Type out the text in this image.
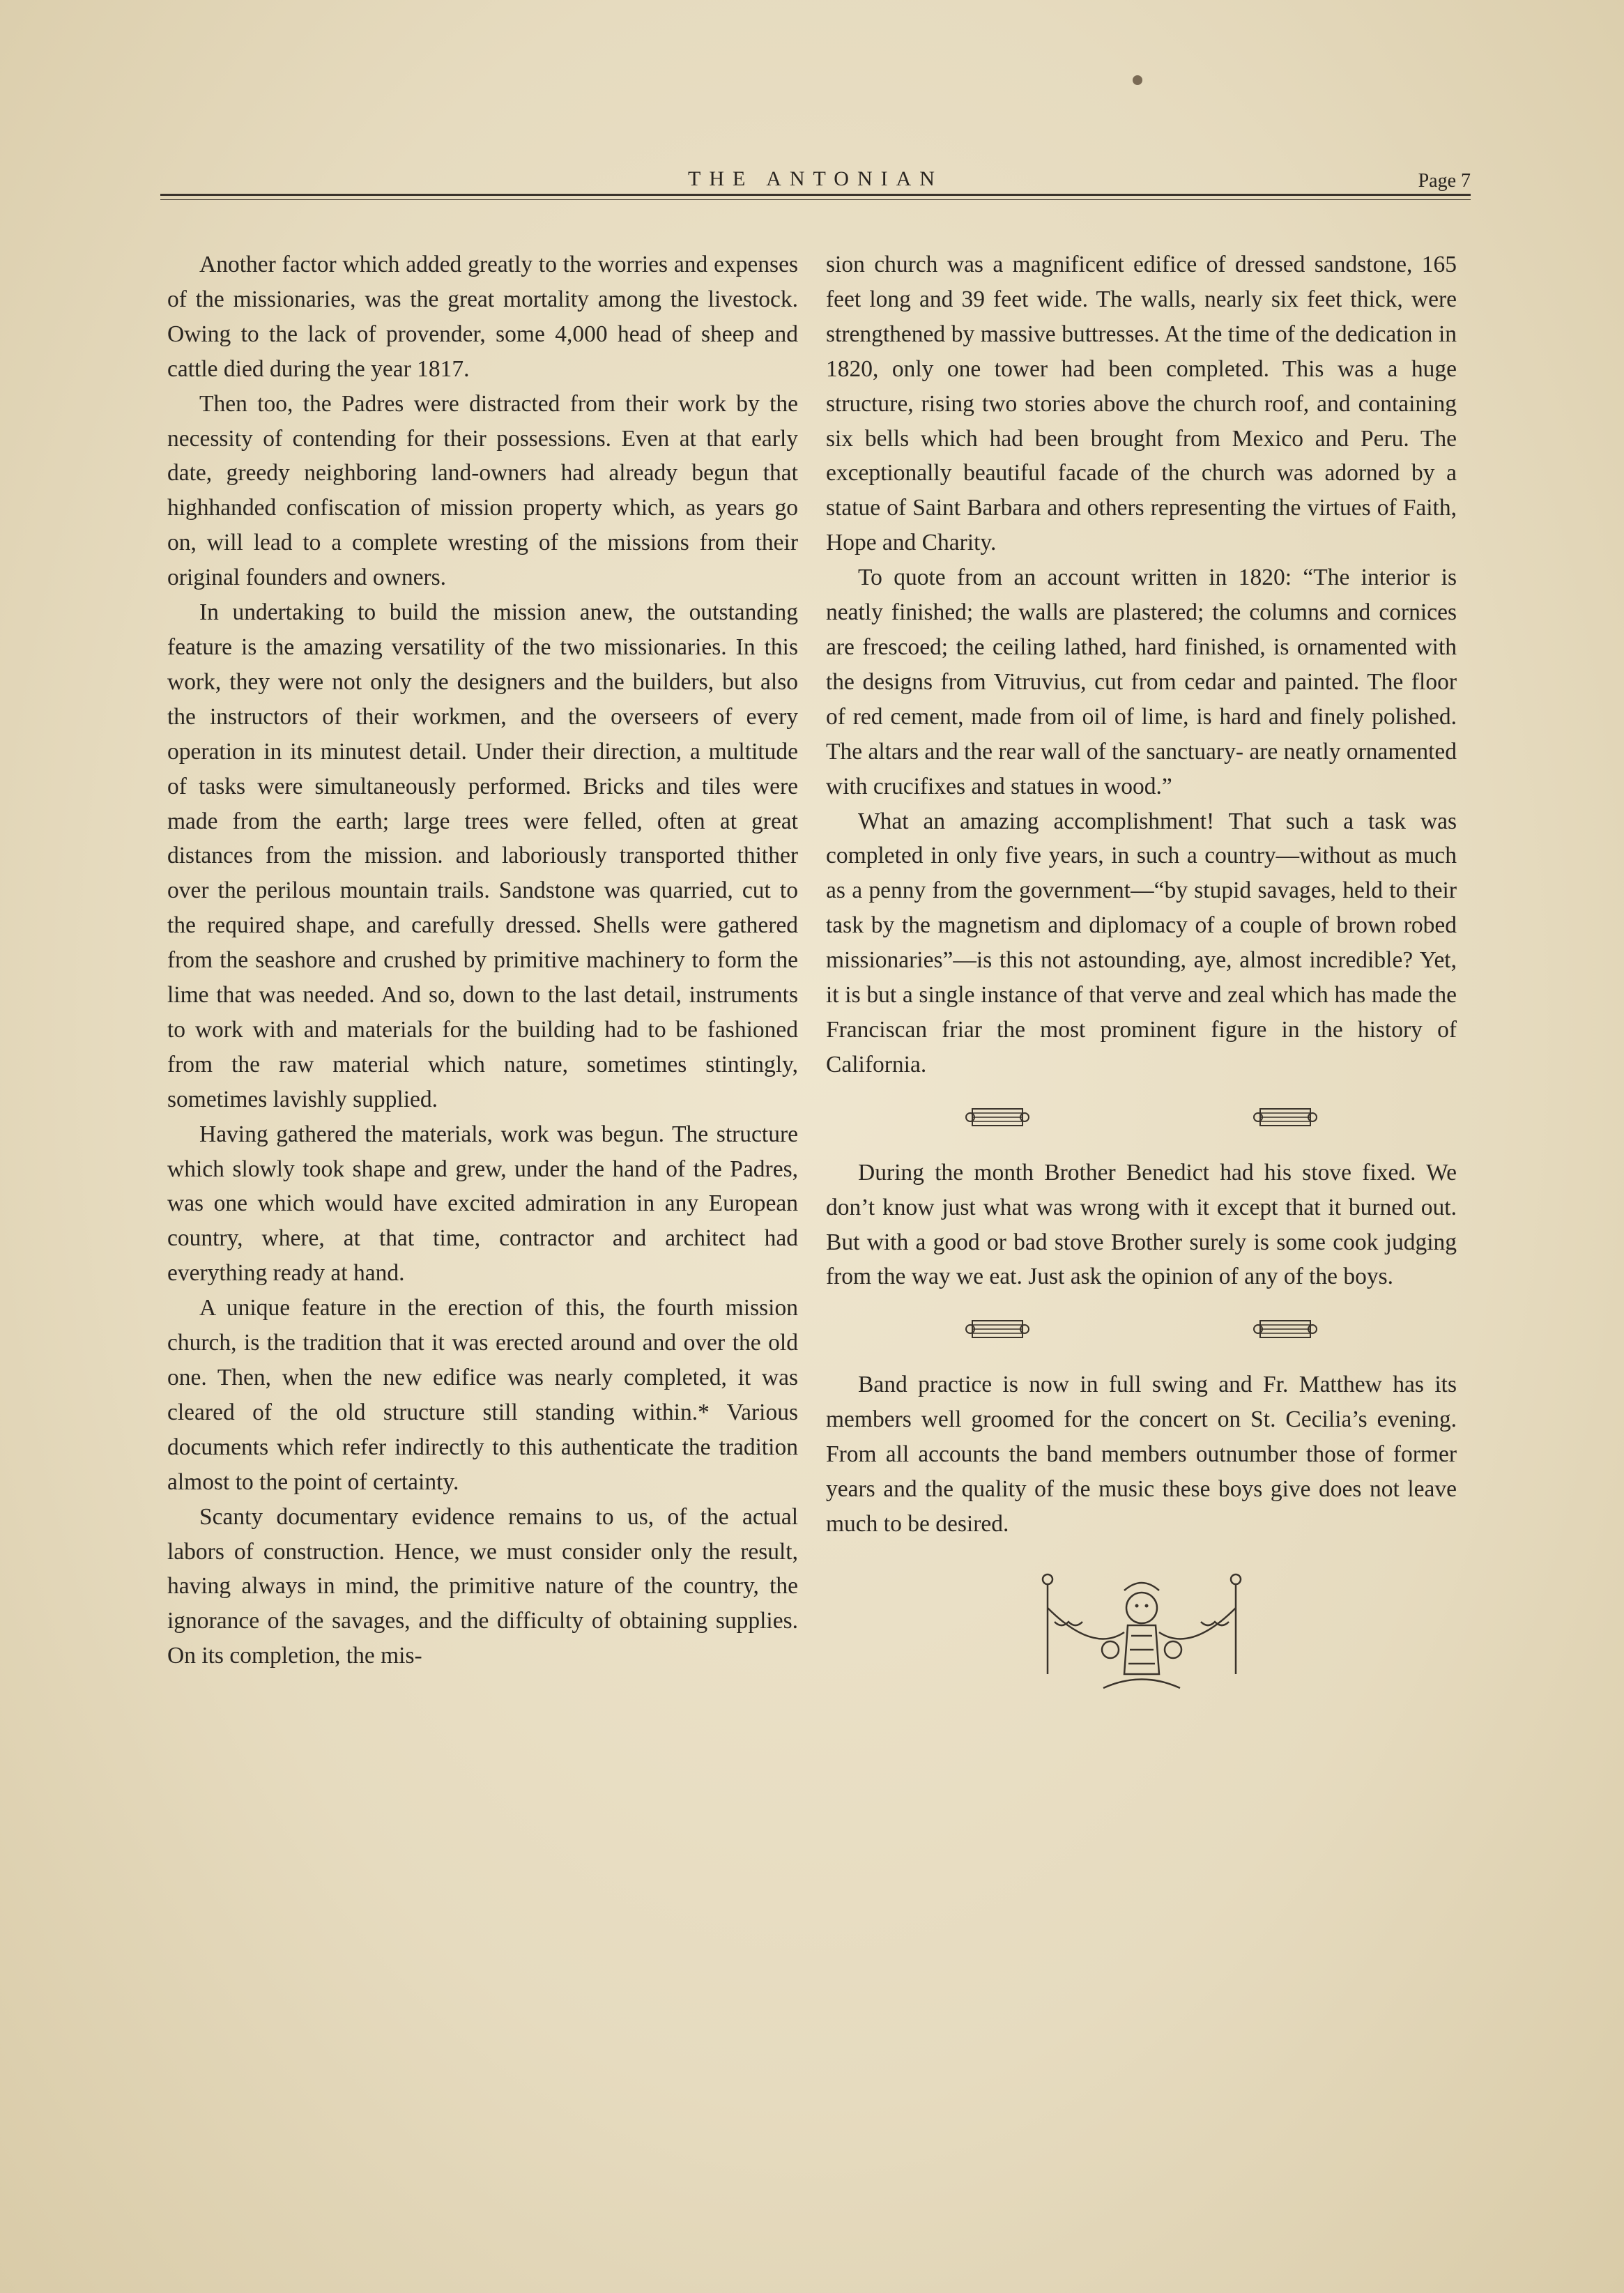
THE ANTONIAN	Page 7

Another factor which added greatly to the worries and expenses of the missionaries, was the great mortality among the livestock. Owing to the lack of provender, some 4,000 head of sheep and cattle died during the year 1817.

Then too, the Padres were distracted from their work by the necessity of contending for their possessions. Even at that early date, greedy neighboring land-owners had already begun that highhanded confiscation of mission property which, as years go on, will lead to a complete wresting of the missions from their original founders and owners.

In undertaking to build the mission anew, the outstanding feature is the amazing versatility of the two missionaries. In this work, they were not only the designers and the builders, but also the instructors of their workmen, and the overseers of every operation in its minutest detail. Under their direction, a multitude of tasks were simultaneously performed. Bricks and tiles were made from the earth; large trees were felled, often at great distances from the mission. and laboriously transported thither over the perilous mountain trails. Sandstone was quarried, cut to the required shape, and carefully dressed. Shells were gathered from the seashore and crushed by primitive machinery to form the lime that was needed. And so, down to the last detail, instruments to work with and materials for the building had to be fashioned from the raw material which nature, sometimes stintingly, sometimes lavishly supplied.

Having gathered the materials, work was begun. The structure which slowly took shape and grew, under the hand of the Padres, was one which would have excited admiration in any European country, where, at that time, contractor and architect had everything ready at hand.

A unique feature in the erection of this, the fourth mission church, is the tradition that it was erected around and over the old one. Then, when the new edifice was nearly completed, it was cleared of the old structure still standing within.* Various documents which refer indirectly to this authenticate the tradition almost to the point of certainty.

Scanty documentary evidence remains to us, of the actual labors of construction. Hence, we must consider only the result, having always in mind, the primitive nature of the country, the ignorance of the savages, and the difficulty of obtaining supplies. On its completion, the mis-

sion church was a magnificent edifice of dressed sandstone, 165 feet long and 39 feet wide. The walls, nearly six feet thick, were strengthened by massive buttresses. At the time of the dedication in 1820, only one tower had been completed. This was a huge structure, rising two stories above the church roof, and containing six bells which had been brought from Mexico and Peru. The exceptionally beautiful facade of the church was adorned by a statue of Saint Barbara and others representing the virtues of Faith, Hope and Charity.

To quote from an account written in 1820: “The interior is neatly finished; the walls are plastered; the columns and cornices are frescoed; the ceiling lathed, hard finished, is ornamented with the designs from Vitruvius, cut from cedar and painted. The floor of red cement, made from oil of lime, is hard and finely polished. The altars and the rear wall of the sanctuary- are neatly ornamented with crucifixes and statues in wood.”

What an amazing accomplishment! That such a task was completed in only five years, in such a country—without as much as a penny from the government—“by stupid savages, held to their task by the magnetism and diplomacy of a couple of brown robed missionaries”—is this not astounding, aye, almost incredible? Yet, it is but a single instance of that verve and zeal which has made the Franciscan friar the most prominent figure in the history of California.

During the month Brother Benedict had his stove fixed. We don’t know just what was wrong with it except that it burned out. But with a good or bad stove Brother surely is some cook judging from the way we eat. Just ask the opinion of any of the boys.

Band practice is now in full swing and Fr. Matthew has its members well groomed for the concert on St. Cecilia’s evening. From all accounts the band members outnumber those of former years and the quality of the music these boys give does not leave much to be desired.
